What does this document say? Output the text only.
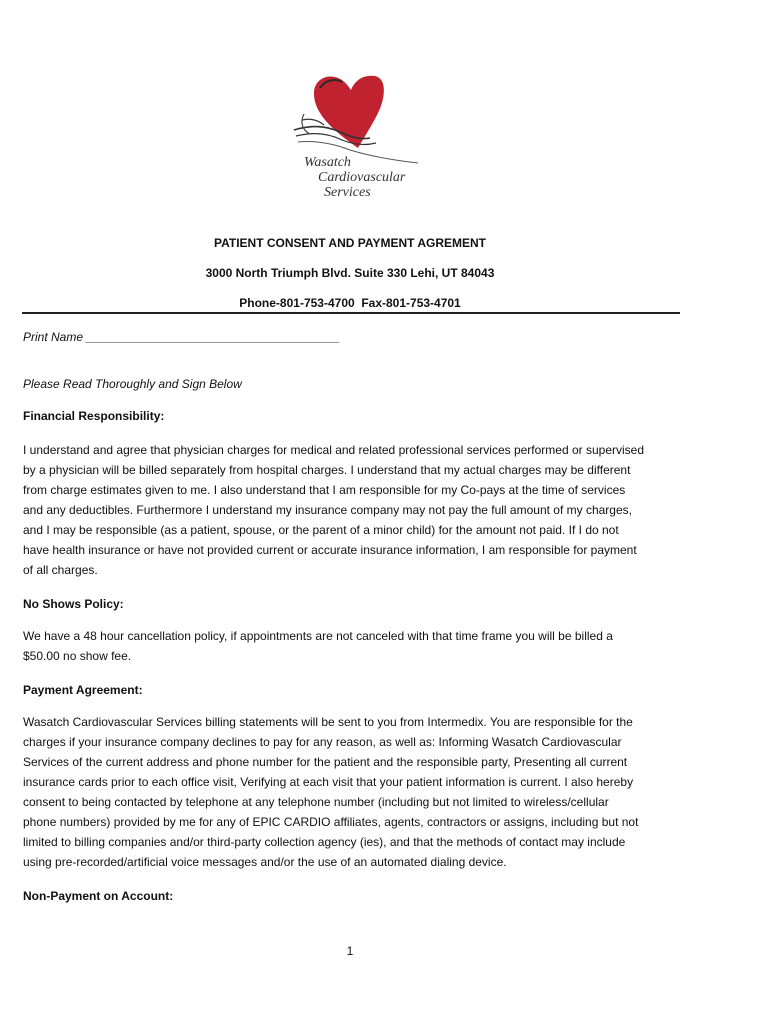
Wasatch
Cardiovascular
Services
PATIENT CONSENT AND PAYMENT AGREMENT
3000 North Triumph Blvd. Suite 330 Lehi, UT 84043
Phone-801-753-4700  Fax-801-753-4701
Print Name ______________________________________
Please Read Thoroughly and Sign Below
Financial Responsibility:

I understand and agree that physician charges for medical and related professional services performed or supervised

by a physician will be billed separately from hospital charges. I understand that my actual charges may be different

from charge estimates given to me. I also understand that I am responsible for my Co-pays at the time of services

and any deductibles. Furthermore I understand my insurance company may not pay the full amount of my charges,

and I may be responsible (as a patient, spouse, or the parent of a minor child) for the amount not paid. If I do not

have health insurance or have not provided current or accurate insurance information, I am responsible for payment

of all charges.

No Shows Policy:

We have a 48 hour cancellation policy, if appointments are not canceled with that time frame you will be billed a

$50.00 no show fee.

Payment Agreement:

Wasatch Cardiovascular Services billing statements will be sent to you from Intermedix. You are responsible for the

charges if your insurance company declines to pay for any reason, as well as: Informing Wasatch Cardiovascular

Services of the current address and phone number for the patient and the responsible party, Presenting all current

insurance cards prior to each office visit, Verifying at each visit that your patient information is current. I also hereby

consent to being contacted by telephone at any telephone number (including but not limited to wireless/cellular

phone numbers) provided by me for any of EPIC CARDIO affiliates, agents, contractors or assigns, including but not

limited to billing companies and/or third-party collection agency (ies), and that the methods of contact may include

using pre-recorded/artificial voice messages and/or the use of an automated dialing device.

Non-Payment on Account:
1
